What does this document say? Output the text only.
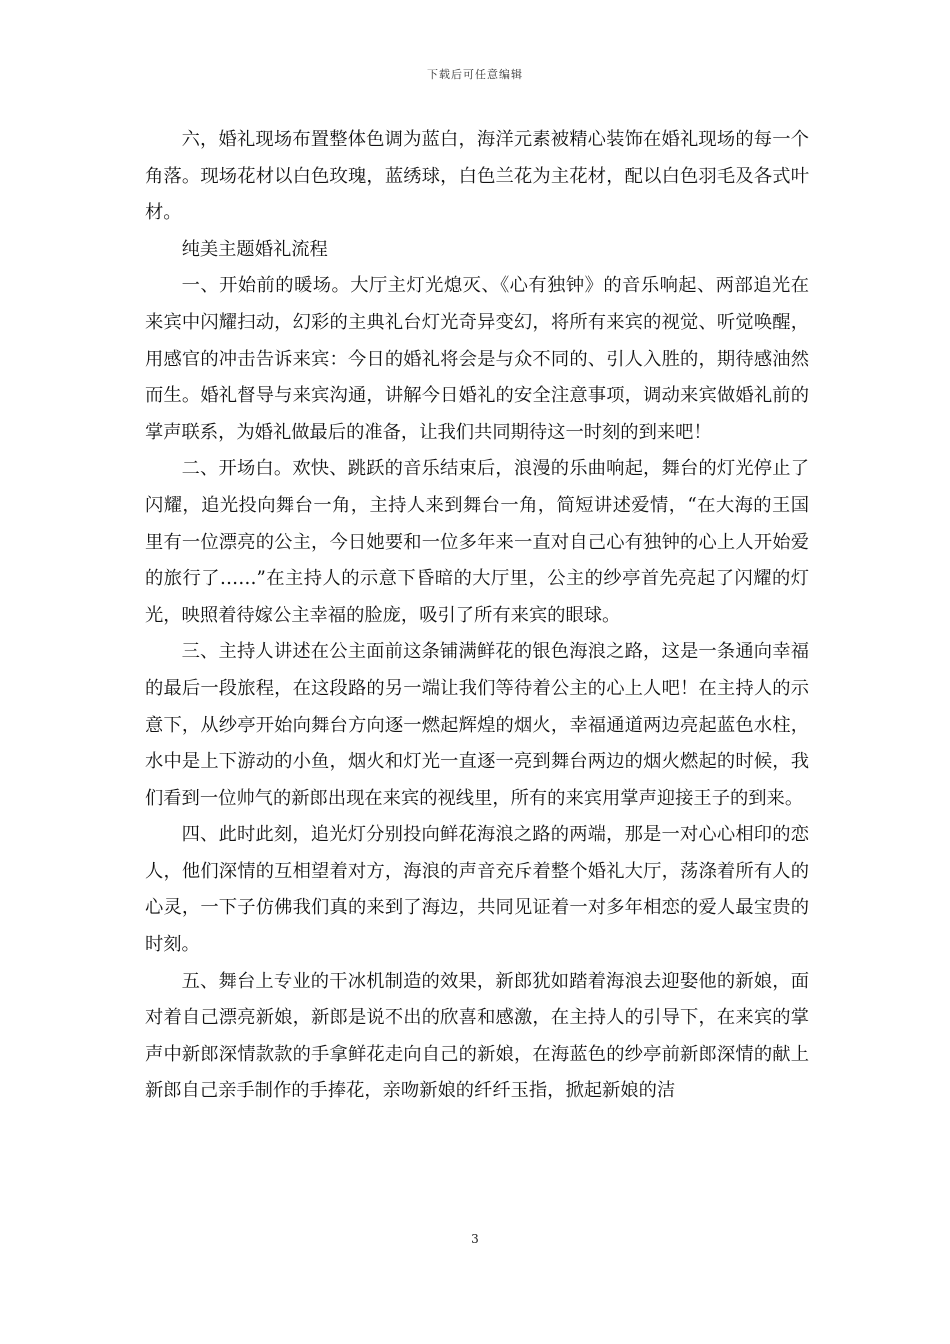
下载后可任意编辑

六，婚礼现场布置整体色调为蓝白，海洋元素被精心装饰在婚礼现场的每一个角落。现场花材以白色玫瑰，蓝绣球，白色兰花为主花材，配以白色羽毛及各式叶材。

纯美主题婚礼流程

一、开始前的暖场。大厅主灯光熄灭、《心有独钟》的音乐响起、两部追光在来宾中闪耀扫动，幻彩的主典礼台灯光奇异变幻，将所有来宾的视觉、听觉唤醒，用感官的冲击告诉来宾：今日的婚礼将会是与众不同的、引人入胜的，期待感油然而生。婚礼督导与来宾沟通，讲解今日婚礼的安全注意事项，调动来宾做婚礼前的掌声联系，为婚礼做最后的准备，让我们共同期待这一时刻的到来吧！

二、开场白。欢快、跳跃的音乐结束后，浪漫的乐曲响起，舞台的灯光停止了闪耀，追光投向舞台一角，主持人来到舞台一角，简短讲述爱情，“在大海的王国里有一位漂亮的公主，今日她要和一位多年来一直对自己心有独钟的心上人开始爱的旅行了……”在主持人的示意下昏暗的大厅里，公主的纱亭首先亮起了闪耀的灯光，映照着待嫁公主幸福的脸庞，吸引了所有来宾的眼球。

三、主持人讲述在公主面前这条铺满鲜花的银色海浪之路，这是一条通向幸福的最后一段旅程，在这段路的另一端让我们等待着公主的心上人吧！在主持人的示意下，从纱亭开始向舞台方向逐一燃起辉煌的烟火，幸福通道两边亮起蓝色水柱，水中是上下游动的小鱼，烟火和灯光一直逐一亮到舞台两边的烟火燃起的时候，我们看到一位帅气的新郎出现在来宾的视线里，所有的来宾用掌声迎接王子的到来。

四、此时此刻，追光灯分别投向鲜花海浪之路的两端，那是一对心心相印的恋人，他们深情的互相望着对方，海浪的声音充斥着整个婚礼大厅，荡涤着所有人的心灵，一下子仿佛我们真的来到了海边，共同见证着一对多年相恋的爱人最宝贵的时刻。

五、舞台上专业的干冰机制造的效果，新郎犹如踏着海浪去迎娶他的新娘，面对着自己漂亮新娘，新郎是说不出的欣喜和感激，在主持人的引导下，在来宾的掌声中新郎深情款款的手拿鲜花走向自己的新娘，在海蓝色的纱亭前新郎深情的献上新郎自己亲手制作的手捧花，亲吻新娘的纤纤玉指，掀起新娘的洁

3
